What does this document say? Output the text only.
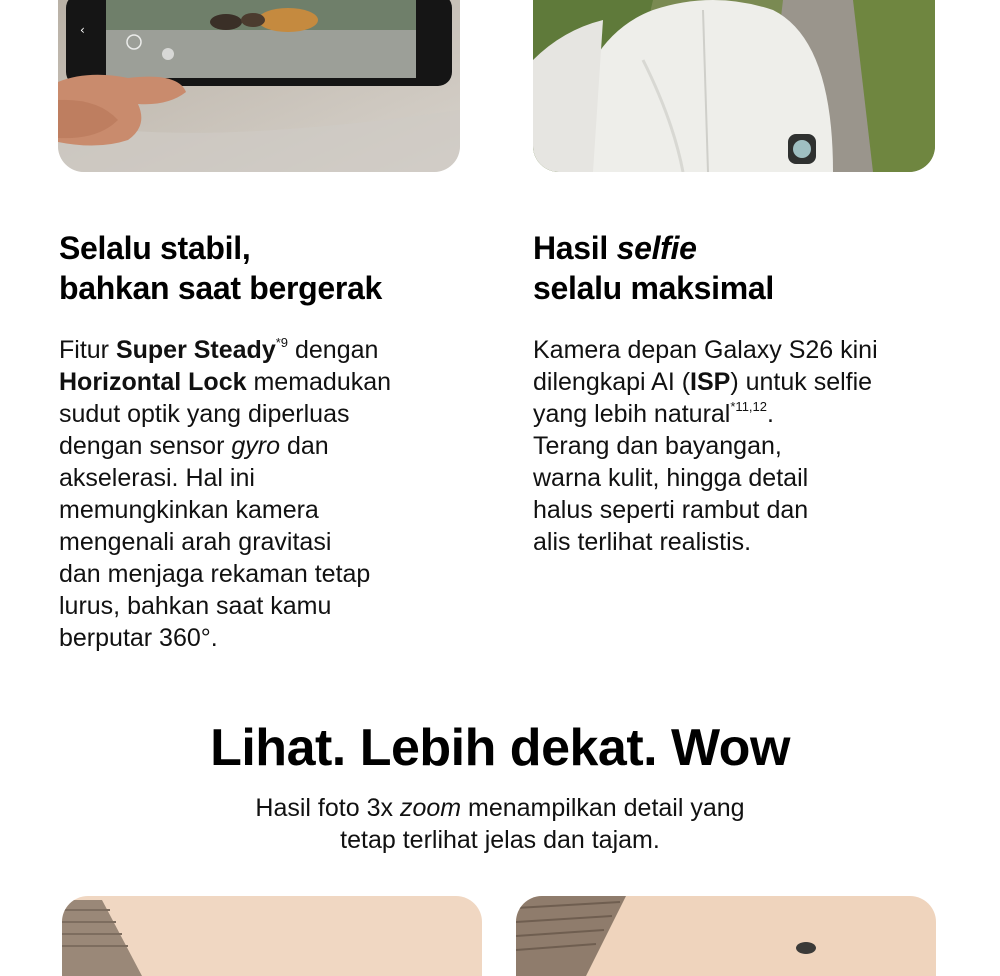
‹
Selalu stabil,
bahkan saat bergerak
Fitur Super Steady$^{*9}$ dengan
Horizontal Lock memadukan
sudut optik yang diperluas
dengan sensor gyro dan
akselerasi. Hal ini
memungkinkan kamera
mengenali arah gravitasi
dan menjaga rekaman tetap
lurus, bahkan saat kamu
berputar 360°.
Hasil selfie
selalu maksimal
Kamera depan Galaxy S26 kini
dilengkapi AI (ISP) untuk selfie
yang lebih natural$^{*11,12}$.
Terang dan bayangan,
warna kulit, hingga detail
halus seperti rambut dan
alis terlihat realistis.
Lihat. Lebih dekat. Wow
Hasil foto 3x zoom menampilkan detail yang
tetap terlihat jelas dan tajam.
